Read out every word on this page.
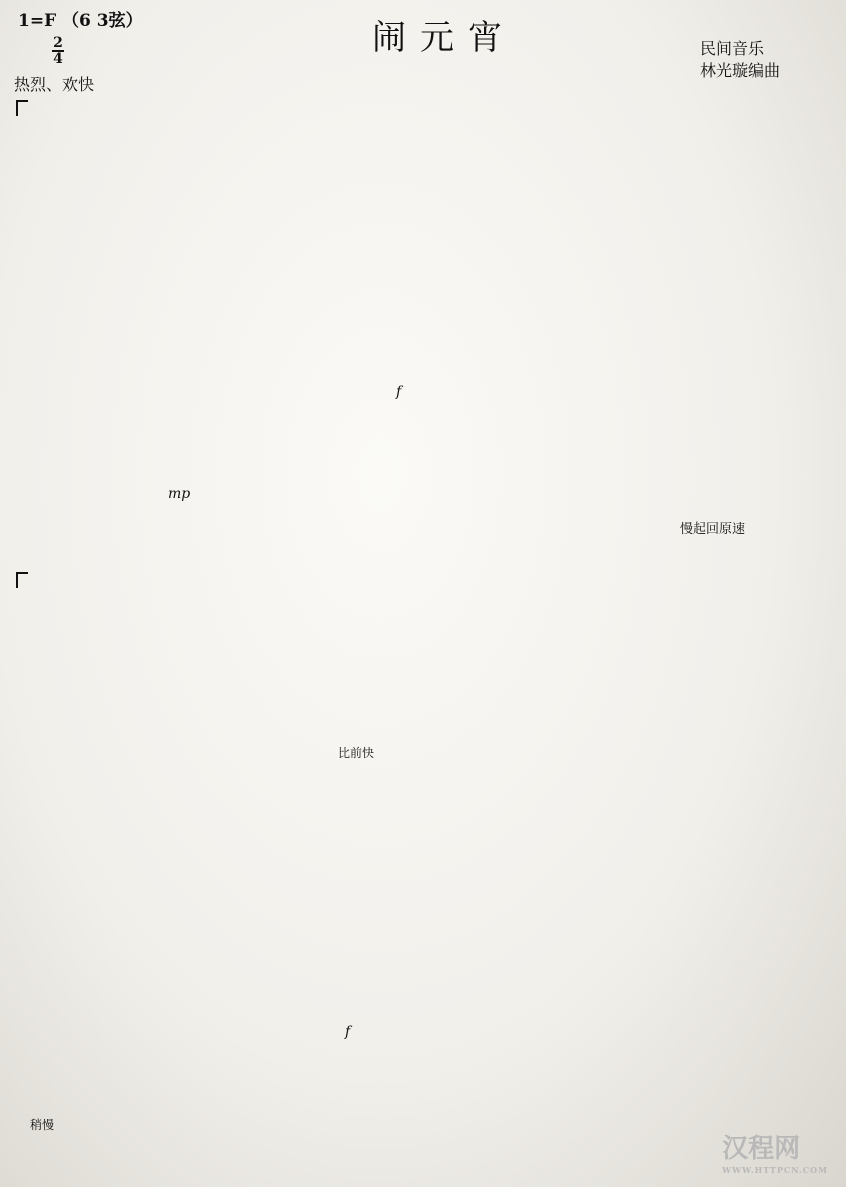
1=F （6 3弦）
2
4
热烈、欢快
闹元宵	民间音乐
林光璇编曲
mp
f
f
慢起回原速
比前快
稍慢
汉程网
WWW.HTTPCN.COM
